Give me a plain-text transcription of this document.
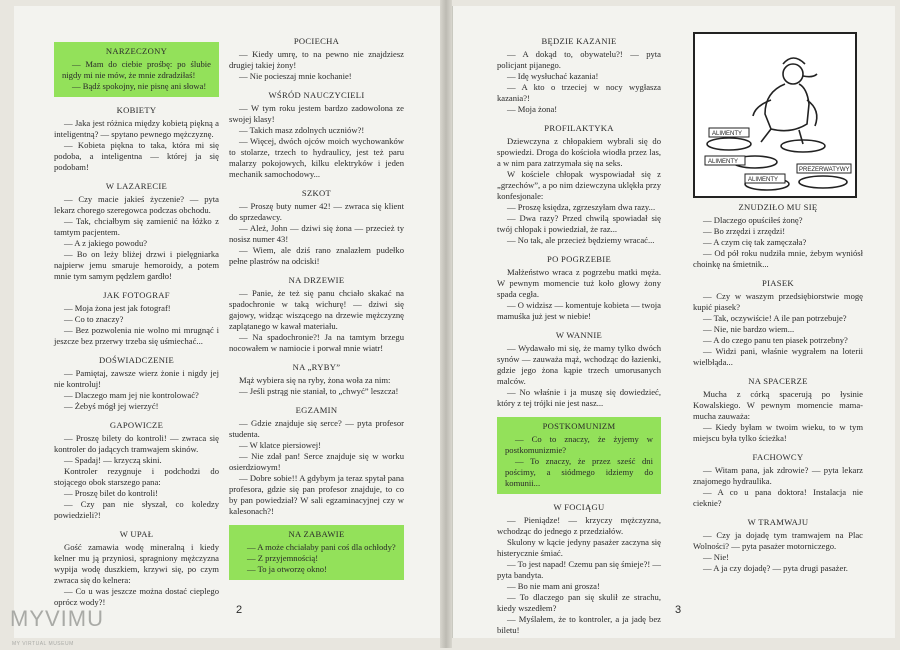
NARZECZONY

— Mam do ciebie prośbę: po ślubie nigdy mi nie mów, że mnie zdradziłaś!

— Bądź spokojny, nie pisnę ani słowa!

KOBIETY

— Jaka jest różnica między kobietą piękną a inteligentną? — spytano pewnego mężczyznę.

— Kobieta piękna to taka, która mi się podoba, a inteligentna — której ja się podobam!

W LAZARECIE

— Czy macie jakieś życzenie? — pyta lekarz chorego szeregowca podczas obchodu.

— Tak, chciałbym się zamienić na łóżko z tamtym pacjentem.

— A z jakiego powodu?

— Bo on leży bliżej drzwi i pielęgniarka najpierw jemu smaruje hemoroidy, a potem mnie tym samym pędzlem gardło!

JAK FOTOGRAF

— Moja żona jest jak fotograf!

— Co to znaczy?

— Bez pozwolenia nie wolno mi mrugnąć i jeszcze bez przerwy trzeba się uśmiechać...

DOŚWIADCZENIE

— Pamiętaj, zawsze wierz żonie i nigdy jej nie kontroluj!

— Dlaczego mam jej nie kontrolować?

— Żebyś mógł jej wierzyć!

GAPOWICZE

— Proszę bilety do kontroli! — zwraca się kontroler do jadących tramwajem skinów.

— Spadaj! — krzyczą skini.

Kontroler rezygnuje i podchodzi do stojącego obok starszego pana:

— Proszę bilet do kontroli!

— Czy pan nie słyszał, co koledzy powiedzieli?!

W UPAŁ

Gość zamawia wodę mineralną i kiedy kelner mu ją przyniosi, spragniony mężczyzna wypija wodę duszkiem, krzywi się, po czym zwraca się do kelnera:

— Co u was jeszcze można dostać cieplego oprócz wody?!

POCIECHA

— Kiedy umrę, to na pewno nie znajdziesz drugiej takiej żony!

— Nie pocieszaj mnie kochanie!

WŚRÓD NAUCZYCIELI

— W tym roku jestem bardzo zadowolona ze swojej klasy!

— Takich masz zdolnych uczniów?!

— Więcej, dwóch ojców moich wychowanków to stolarze, trzech to hydraulicy, jest też paru malarzy pokojowych, kilku elektryków i jeden mechanik samochodowy...

SZKOT

— Proszę buty numer 42! — zwraca się klient do sprzedawcy.

— Ależ, John — dziwi się żona — przecież ty nosisz numer 43!

— Wiem, ale dziś rano znalazłem pudełko pełne plastrów na odciski!

NA DRZEWIE

— Panie, że też się panu chciało skakać na spadochronie w taką wichurę! — dziwi się gajowy, widząc wiszącego na drzewie mężczyznę zaplątanego w kawał materiału.

— Na spadochronie?! Ja na tamtym brzegu nocowałem w namiocie i porwał mnie wiatr!

NA „RYBY”

Mąż wybiera się na ryby, żona woła za nim:

— Jeśli pstrąg nie staniał, to „chwyć” leszcza!

EGZAMIN

— Gdzie znajduje się serce? — pyta profesor studenta.

— W klatce piersiowej!

— Nie zdał pan! Serce znajduje się w worku osierdziowym!

— Dobre sobie!! A gdybym ja teraz spytał pana profesora, gdzie się pan profesor znajduje, to co by pan powiedział? W sali egzaminacyjnej czy w kalesonach?!

NA ZABAWIE

— A może chciałaby pani coś dla ochłody?

— Z przyjemnością!

— To ja otworzę okno!

2
BĘDZIE KAZANIE

— A dokąd to, obywatelu?! — pyta policjant pijanego.

— Idę wysłuchać kazania!

— A kto o trzeciej w nocy wygłasza kazania?!

— Moja żona!

PROFILAKTYKA

Dziewczyna z chłopakiem wybrali się do spowiedzi. Droga do kościoła wiodła przez las, a w nim para zatrzymała się na seks.

W kościele chłopak wyspowiadał się z „grzechów”, a po nim dziewczyna uklękła przy konfesjonale:

— Proszę księdza, zgrzeszyłam dwa razy...

— Dwa razy? Przed chwilą spowiadał się twój chłopak i powiedział, że raz...

— No tak, ale przecież będziemy wracać...

PO POGRZEBIE

Małżeństwo wraca z pogrzebu matki męża. W pewnym momencie tuż koło głowy żony spada cegła.

— O widzisz — komentuje kobieta — twoja mamuśka już jest w niebie!

W WANNIE

— Wydawało mi się, że mamy tylko dwóch synów — zauważa mąż, wchodząc do łazienki, gdzie jego żona kąpie trzech umorusanych malców.

— No właśnie i ja muszę się dowiedzieć, który z tej trójki nie jest nasz...

POSTKOMUNIZM

— Co to znaczy, że żyjemy w postkomunizmie?

— To znaczy, że przez sześć dni pościmy, a siódmego idziemy do komunii...

W FOCIĄGU

— Pieniądze! — krzyczy mężczyzna, wchodząc do jednego z przedziałów.

Skulony w kącie jedyny pasażer zaczyna się histerycznie śmiać.

— To jest napad! Czemu pan się śmieje?! — pyta bandyta.

— Bo nie mam ani grosza!

— To dlaczego pan się skulił ze strachu, kiedy wszedłem?

— Myślałem, że to kontroler, a ja jadę bez biletu!

ALIMENTY
ALIMENTY
ALIMENTY
PREZERWATYWY
ZNUDZIŁO MU SIĘ

— Dlaczego opuściłeś żonę?

— Bo zrzędzi i zrzędzi!

— A czym cię tak zamęczała?

— Od pół roku nudziła mnie, żebym wyniósł choinkę na śmietnik...

PIASEK

— Czy w waszym przedsiębiorstwie mogę kupić piasek?

— Tak, oczywiście! A ile pan potrzebuje?

— Nie, nie bardzo wiem...

— A do czego panu ten piasek potrzebny?

— Widzi pani, właśnie wygrałem na loterii wielbłąda...

NA SPACERZE

Mucha z córką spacerują po łysinie Kowalskiego. W pewnym momencie mama-mucha zauważa:

— Kiedy byłam w twoim wieku, to w tym miejscu była tylko ścieżka!

FACHOWCY

— Witam pana, jak zdrowie? — pyta lekarz znajomego hydraulika.

— A co u pana doktora! Instalacja nie cieknie?

W TRAMWAJU

— Czy ja dojadę tym tramwajem na Plac Wolności? — pyta pasażer motorniczego.

— Nie!

— A ja czy dojadę? — pyta drugi pasażer.

3
MYVIMU
MY VIRTUAL MUSEUM
